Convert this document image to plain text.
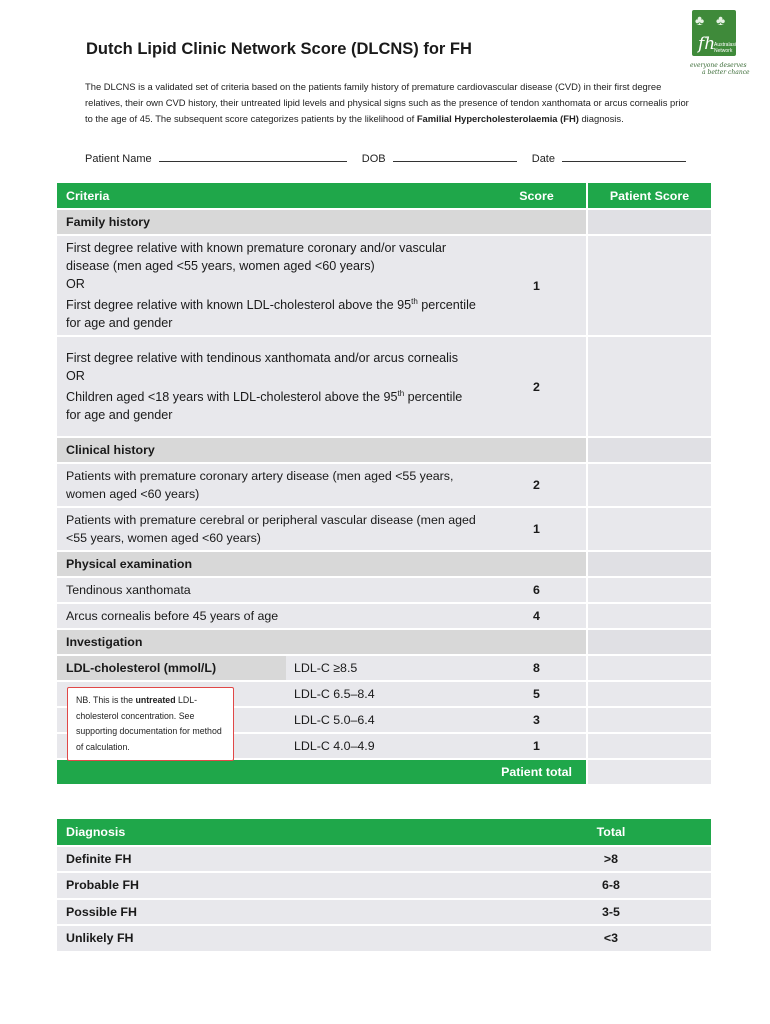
♣ ♣
fh
Australasia Network
everyone deserves
a better chance
Dutch Lipid Clinic Network Score (DLCNS) for FH

The DLCNS is a validated set of criteria based on the patients family history of premature cardiovascular disease (CVD) in their first degree relatives, their own CVD history, their untreated lipid levels and physical signs such as the presence of tendon xanthomata or arcus cornealis prior to the age of 45. The subsequent score categorizes patients by the likelihood of Familial Hypercholesterolaemia (FH) diagnosis.

Patient Name	DOB	Date
Criteria		Score	Patient Score
Family history			
First degree relative with known premature coronary and/or vascular disease (men aged <55 years, women aged <60 years)
OR
First degree relative with known LDL-cholesterol above the 95th percentile for age and gender		1	
First degree relative with tendinous xanthomata and/or arcus cornealis
OR
Children aged <18 years with LDL-cholesterol above the 95th percentile for age and gender		2	
Clinical history			
Patients with premature coronary artery disease (men aged <55 years, women aged <60 years)		2	
Patients with premature cerebral or peripheral vascular disease (men aged <55 years, women aged <60 years)		1	
Physical examination			
Tendinous xanthomata		6	
Arcus cornealis before 45 years of age		4	
Investigation			
LDL-cholesterol (mmol/L)	LDL-C ≥8.5	8	
	LDL-C 6.5–8.4	5	
	LDL-C 5.0–6.4	3	
	LDL-C 4.0–4.9	1	
Patient total			
NB. This is the untreated LDL-cholesterol concentration. See supporting documentation for method of calculation.
Diagnosis	Total
Definite FH	>8
Probable FH	6-8
Possible FH	3-5
Unlikely FH	<3
